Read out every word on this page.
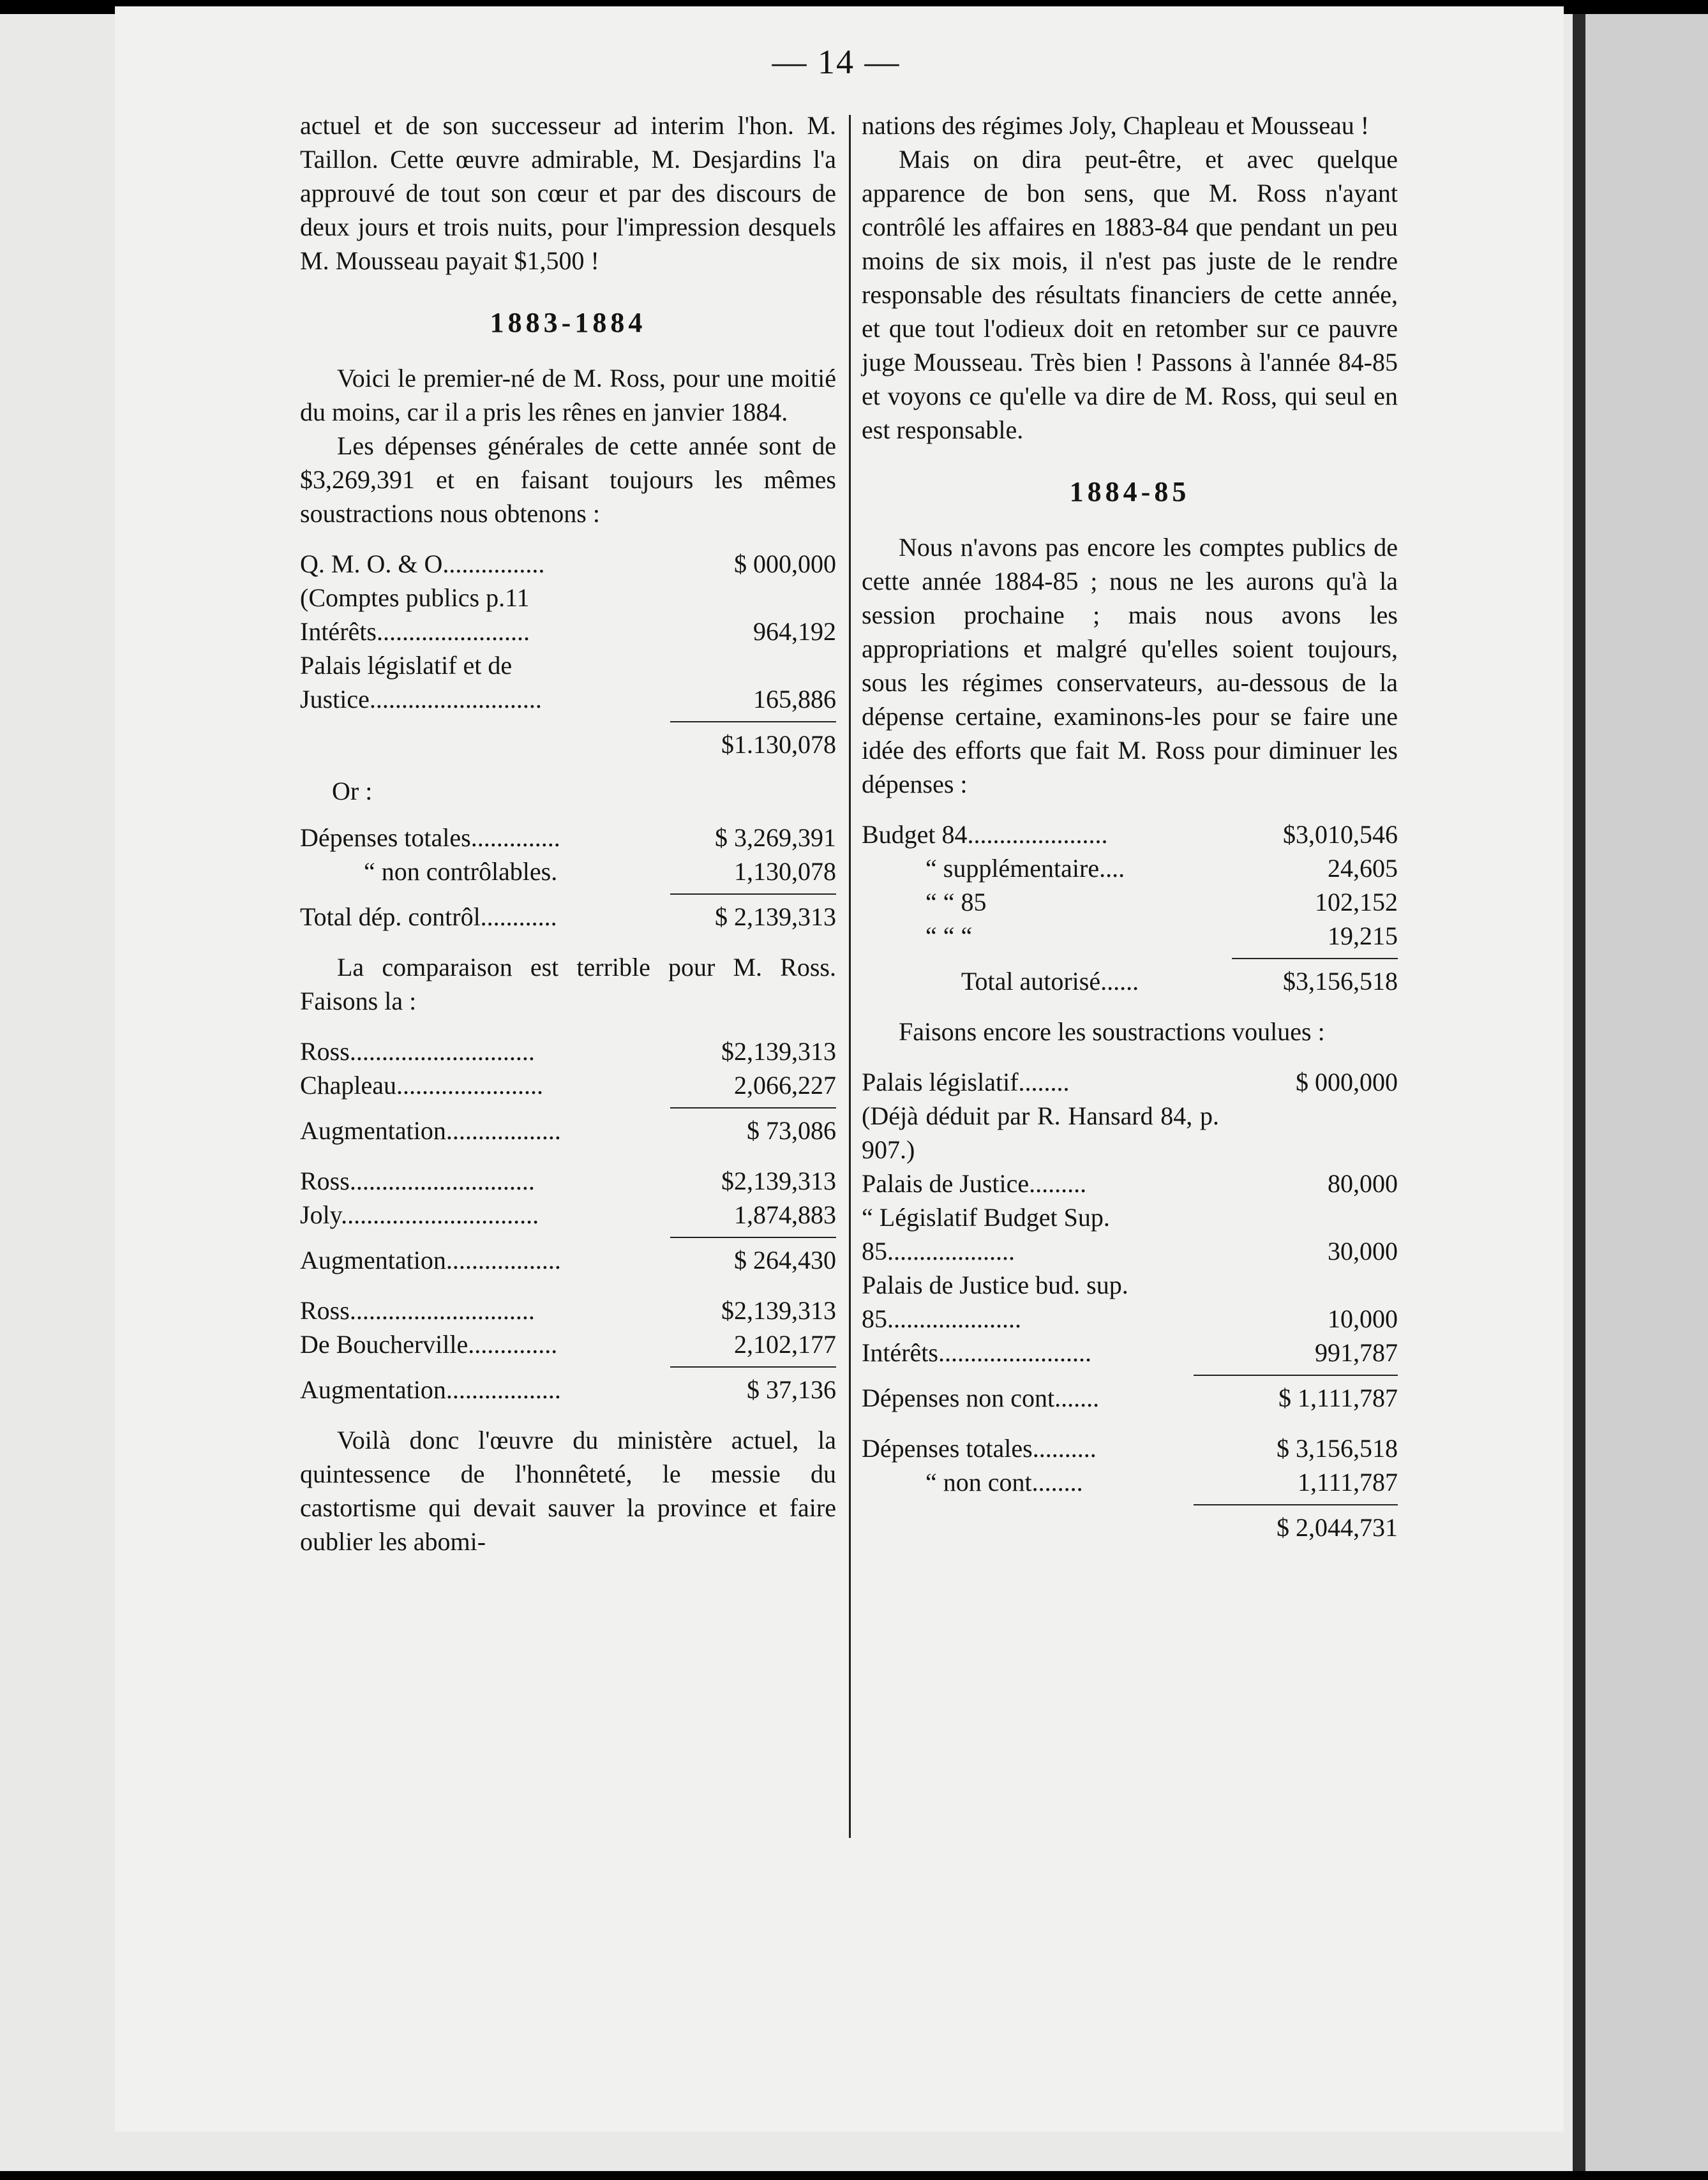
— 14 —

actuel et de son successeur ad interim l'hon. M. Taillon. Cette œuvre admirable, M. Desjardins l'a approuvé de tout son cœur et par des discours de deux jours et trois nuits, pour l'impression desquels M. Mousseau payait $1,500 !

1883-1884

Voici le premier-né de M. Ross, pour une moitié du moins, car il a pris les rênes en janvier 1884.

Les dépenses générales de cette année sont de $3,269,391 et en faisant toujours les mêmes soustractions nous obtenons :

Q. M. O. & O................	$ 000,000
(Comptes publics p.11
Intérêts........................	964,192
Palais législatif et de Justice...........................	165,886
$1.130,078
Or :
Dépenses totales..............	$ 3,269,391
“ non contrôlables.	1,130,078
Total dép. contrôl............	$ 2,139,313

La comparaison est terrible pour M. Ross. Faisons la :

Ross.............................	$2,139,313
Chapleau.......................	2,066,227
Augmentation..................	$ 73,086
Ross.............................	$2,139,313
Joly...............................	1,874,883
Augmentation..................	$ 264,430
Ross.............................	$2,139,313
De Boucherville..............	2,102,177
Augmentation..................	$ 37,136

Voilà donc l'œuvre du ministère actuel, la quintessence de l'honnêteté, le messie du castortisme qui devait sauver la province et faire oublier les abomi-

nations des régimes Joly, Chapleau et Mousseau !

Mais on dira peut-être, et avec quelque apparence de bon sens, que M. Ross n'ayant contrôlé les affaires en 1883-84 que pendant un peu moins de six mois, il n'est pas juste de le rendre responsable des résultats financiers de cette année, et que tout l'odieux doit en retomber sur ce pauvre juge Mousseau. Très bien ! Passons à l'année 84-85 et voyons ce qu'elle va dire de M. Ross, qui seul en est responsable.

1884-85

Nous n'avons pas encore les comptes publics de cette année 1884-85 ; nous ne les aurons qu'à la session prochaine ; mais nous avons les appropriations et malgré qu'elles soient toujours, sous les régimes conservateurs, au-dessous de la dépense certaine, examinons-les pour se faire une idée des efforts que fait M. Ross pour diminuer les dépenses :

Budget 84......................	$3,010,546
“ supplémentaire....	24,605
“ “ 85	102,152
“ “ “	19,215
Total autorisé......	$3,156,518

Faisons encore les soustractions voulues :

Palais législatif........	$ 000,000

(Déjà déduit par R. Hansard 84, p. 907.)

Palais de Justice.........	80,000
“ Législatif Budget Sup. 85....................	30,000
Palais de Justice bud. sup. 85.....................	10,000
Intérêts........................	991,787
Dépenses non cont.......	$ 1,111,787
Dépenses totales..........	$ 3,156,518
“ non cont........	1,111,787
$ 2,044,731
